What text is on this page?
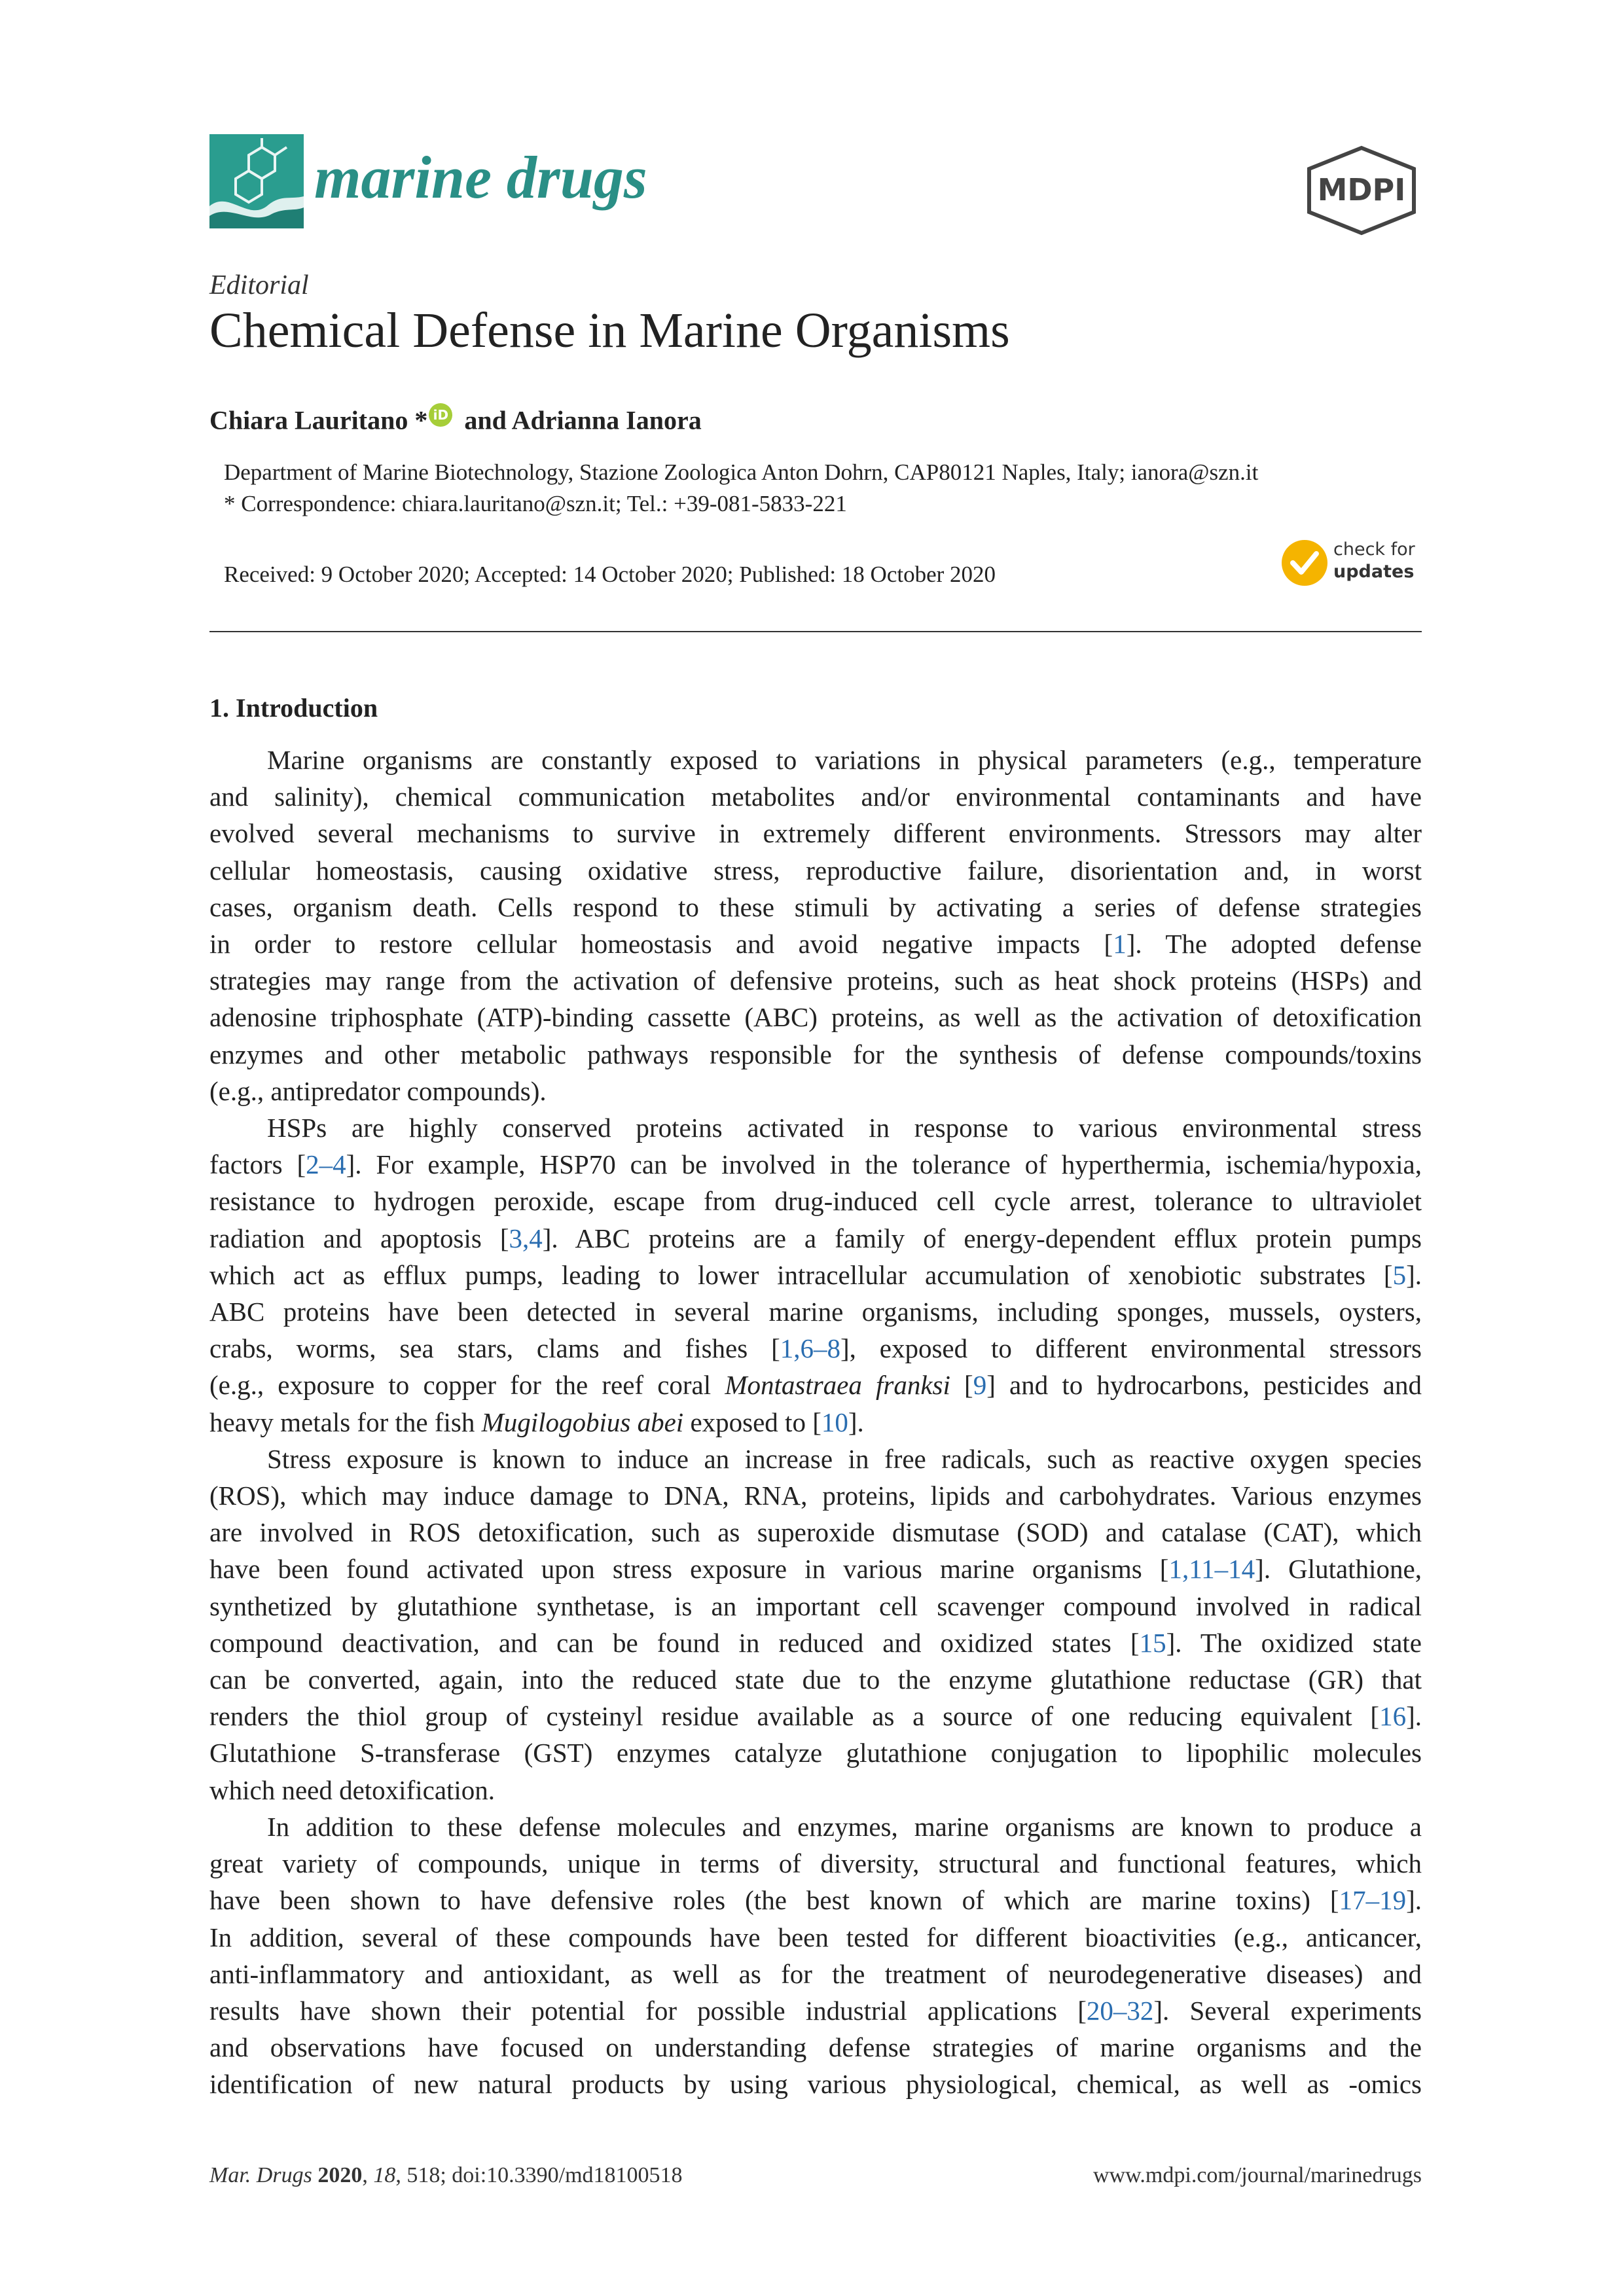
marine drugs	MDPI
Editorial
Chemical Defense in Marine Organisms
Chiara Lauritano * iD and Adrianna Ianora
Department of Marine Biotechnology, Stazione Zoologica Anton Dohrn, CAP80121 Naples, Italy; ianora@szn.it
* Correspondence: chiara.lauritano@szn.it; Tel.: +39-081-5833-221
Received: 9 October 2020; Accepted: 14 October 2020; Published: 18 October 2020
check for
updates
1. Introduction

Marine organisms are constantly exposed to variations in physical parameters (e.g., temperature

and salinity), chemical communication metabolites and/or environmental contaminants and have

evolved several mechanisms to survive in extremely different environments. Stressors may alter

cellular homeostasis, causing oxidative stress, reproductive failure, disorientation and, in worst

cases, organism death. Cells respond to these stimuli by activating a series of defense strategies

in order to restore cellular homeostasis and avoid negative impacts [1]. The adopted defense

strategies may range from the activation of defensive proteins, such as heat shock proteins (HSPs) and

adenosine triphosphate (ATP)-binding cassette (ABC) proteins, as well as the activation of detoxification

enzymes and other metabolic pathways responsible for the synthesis of defense compounds/toxins

(e.g., antipredator compounds).

HSPs are highly conserved proteins activated in response to various environmental stress

factors [2–4]. For example, HSP70 can be involved in the tolerance of hyperthermia, ischemia/hypoxia,

resistance to hydrogen peroxide, escape from drug-induced cell cycle arrest, tolerance to ultraviolet

radiation and apoptosis [3,4]. ABC proteins are a family of energy-dependent efflux protein pumps

which act as efflux pumps, leading to lower intracellular accumulation of xenobiotic substrates [5].

ABC proteins have been detected in several marine organisms, including sponges, mussels, oysters,

crabs, worms, sea stars, clams and fishes [1,6–8], exposed to different environmental stressors

(e.g., exposure to copper for the reef coral Montastraea franksi [9] and to hydrocarbons, pesticides and

heavy metals for the fish Mugilogobius abei exposed to [10].

Stress exposure is known to induce an increase in free radicals, such as reactive oxygen species

(ROS), which may induce damage to DNA, RNA, proteins, lipids and carbohydrates. Various enzymes

are involved in ROS detoxification, such as superoxide dismutase (SOD) and catalase (CAT), which

have been found activated upon stress exposure in various marine organisms [1,11–14]. Glutathione,

synthetized by glutathione synthetase, is an important cell scavenger compound involved in radical

compound deactivation, and can be found in reduced and oxidized states [15]. The oxidized state

can be converted, again, into the reduced state due to the enzyme glutathione reductase (GR) that

renders the thiol group of cysteinyl residue available as a source of one reducing equivalent [16].

Glutathione S-transferase (GST) enzymes catalyze glutathione conjugation to lipophilic molecules

which need detoxification.

In addition to these defense molecules and enzymes, marine organisms are known to produce a

great variety of compounds, unique in terms of diversity, structural and functional features, which

have been shown to have defensive roles (the best known of which are marine toxins) [17–19].

In addition, several of these compounds have been tested for different bioactivities (e.g., anticancer,

anti-inflammatory and antioxidant, as well as for the treatment of neurodegenerative diseases) and

results have shown their potential for possible industrial applications [20–32]. Several experiments

and observations have focused on understanding defense strategies of marine organisms and the

identification of new natural products by using various physiological, chemical, as well as -omics

Mar. Drugs 2020, 18, 518; doi:10.3390/md18100518	www.mdpi.com/journal/marinedrugs
